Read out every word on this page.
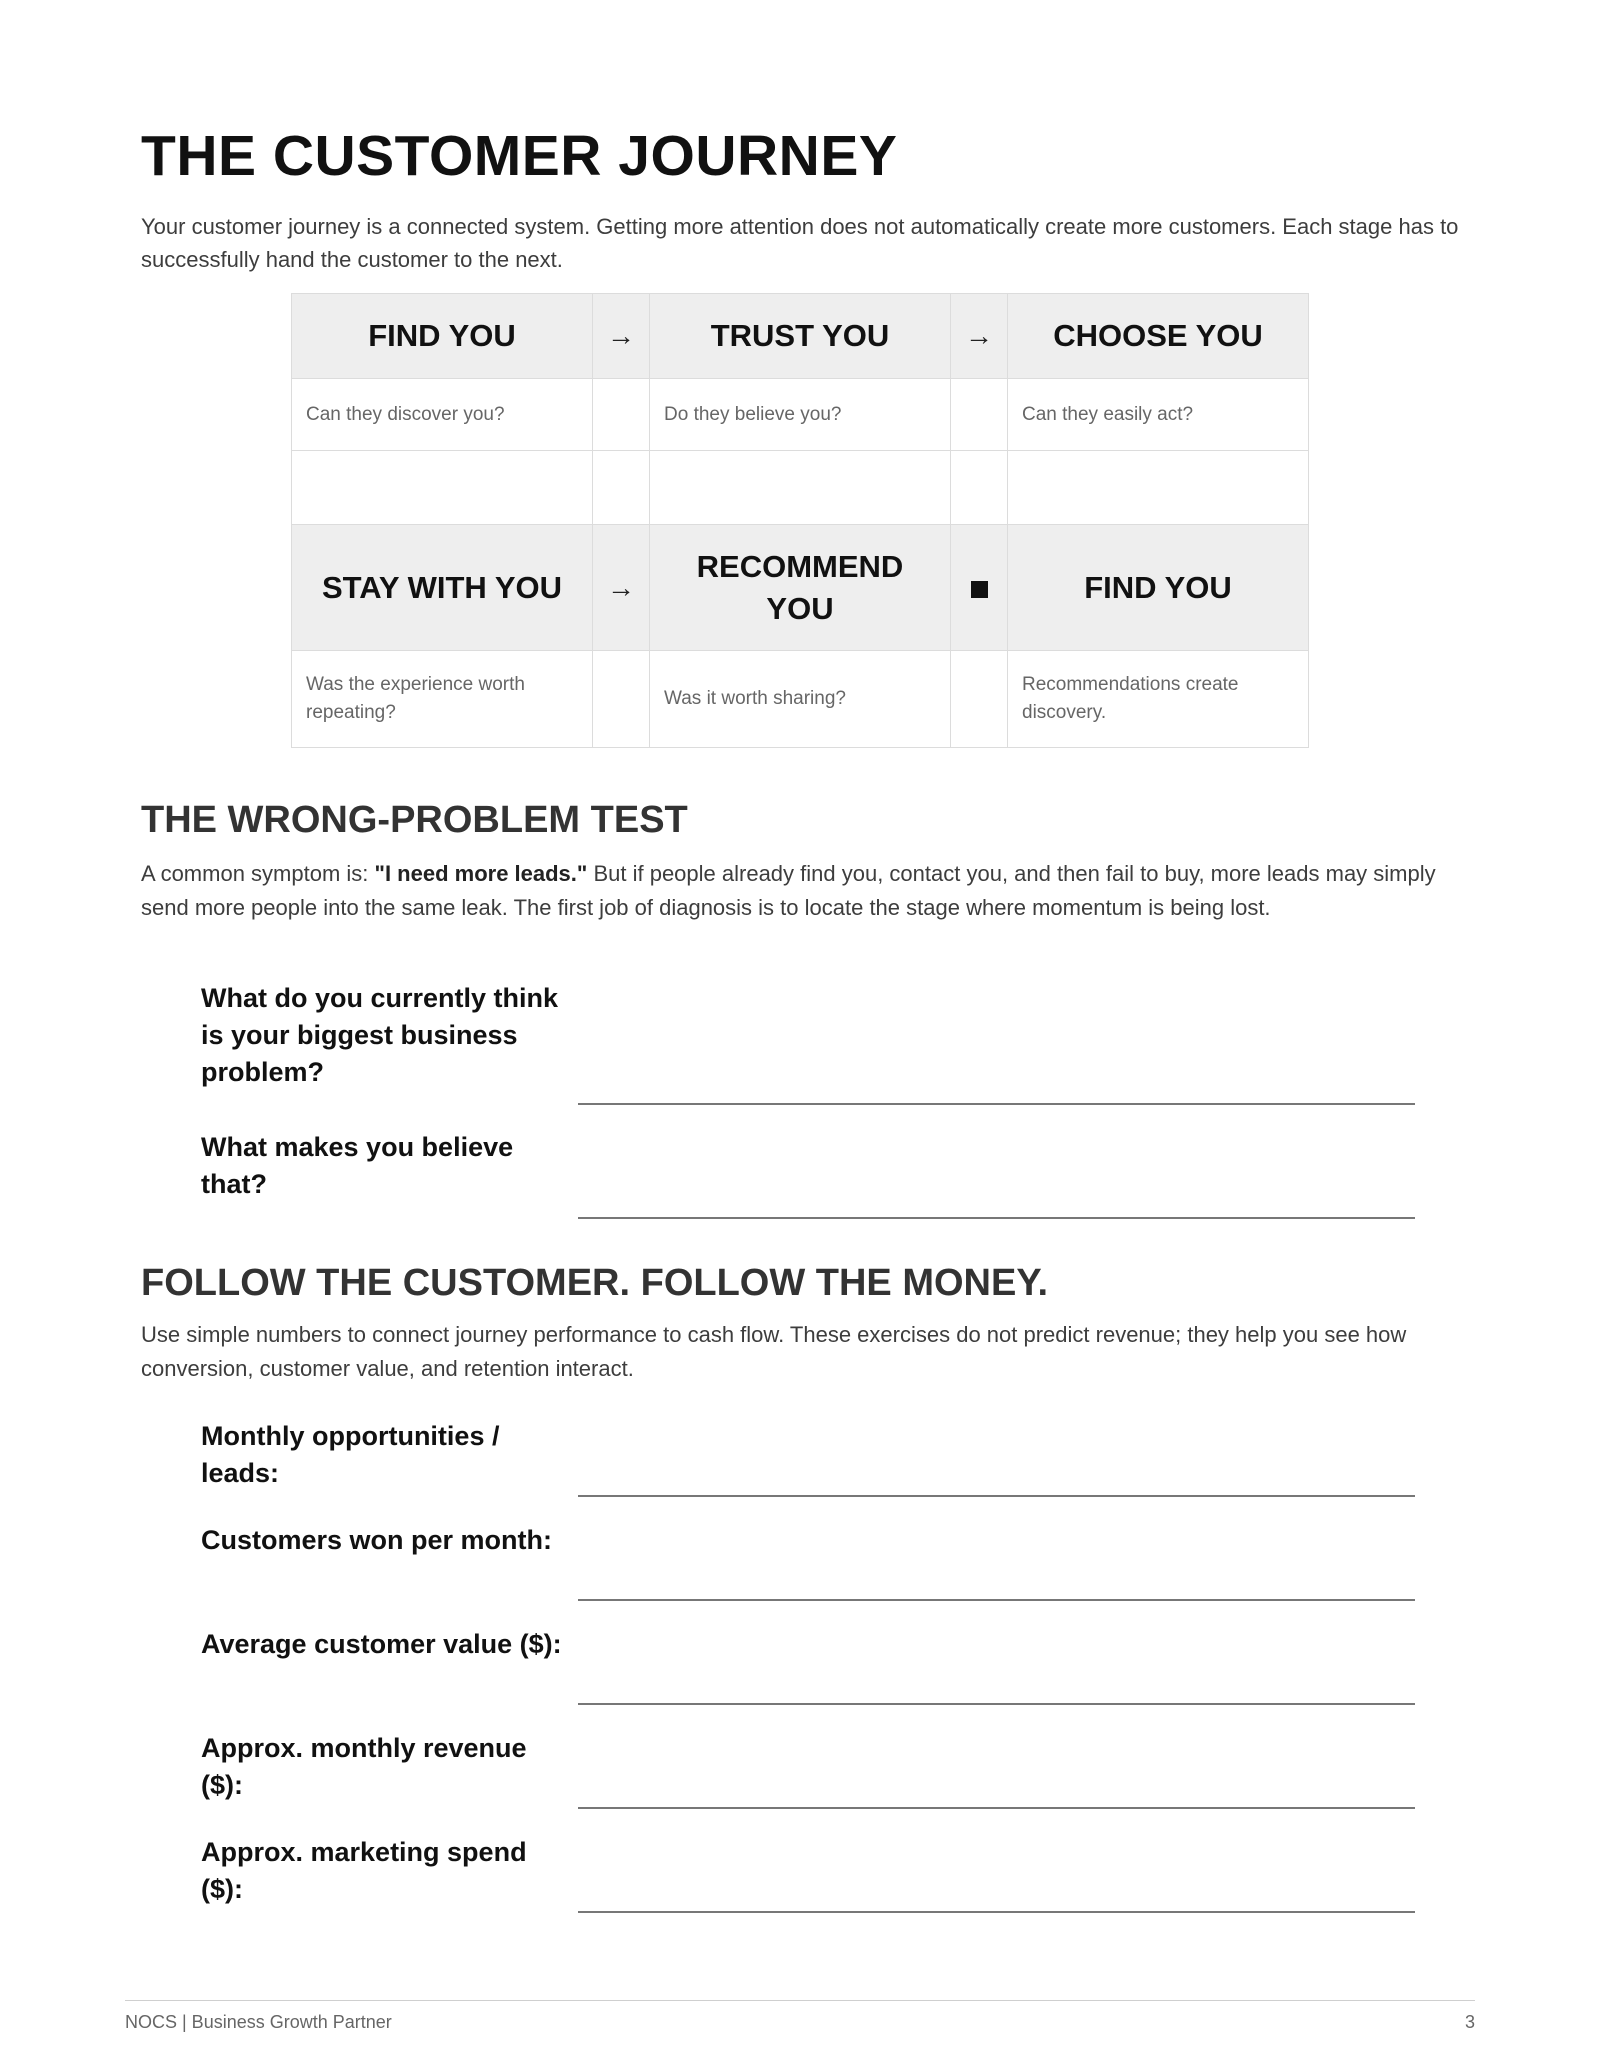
THE CUSTOMER JOURNEY

Your customer journey is a connected system. Getting more attention does not automatically create more customers. Each stage has to successfully hand the customer to the next.

FIND YOU	→	TRUST YOU	→	CHOOSE YOU
Can they discover you?		Do they believe you?		Can they easily act?

STAY WITH YOU	→	RECOMMEND YOU		FIND YOU
Was the experience worth repeating?		Was it worth sharing?		Recommendations create discovery.
THE WRONG-PROBLEM TEST

A common symptom is: "I need more leads." But if people already find you, contact you, and then fail to buy, more leads may simply send more people into the same leak. The first job of diagnosis is to locate the stage where momentum is being lost.

What do you currently think is your biggest business problem?
What makes you believe that?
FOLLOW THE CUSTOMER. FOLLOW THE MONEY.

Use simple numbers to connect journey performance to cash flow. These exercises do not predict revenue; they help you see how conversion, customer value, and retention interact.

Monthly opportunities / leads:
Customers won per month:
Average customer value ($):
Approx. monthly revenue ($):
Approx. marketing spend ($):
NOCS | Business Growth Partner	3
